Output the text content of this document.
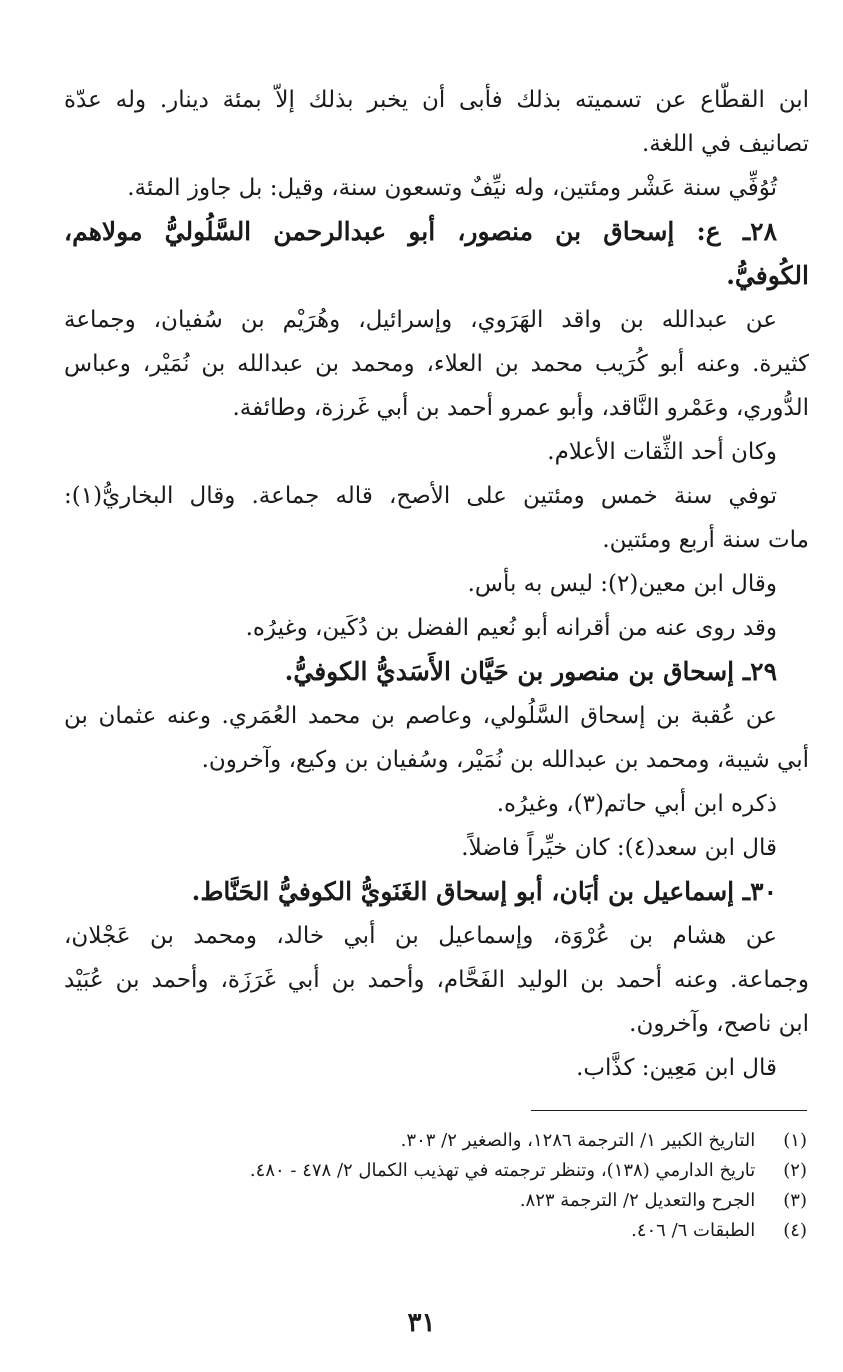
ابن القطّاع عن تسميته بذلك فأبى أن يخبر بذلك إلاّ بمئة دينار. وله عدّة
تصانيف في اللغة.
تُوُفِّي سنة عَشْر ومئتين، وله نيِّفٌ وتسعون سنة، وقيل: بل جاوز المئة.
٢٨ـ ع: إسحاق بن منصور، أبو عبدالرحمن السَّلُوليُّ مولاهم،
الكُوفيُّ.
عن عبدالله بن واقد الهَرَوي، وإسرائيل، وهُرَيْم بن سُفيان، وجماعة
كثيرة. وعنه أبو كُرَيب محمد بن العلاء، ومحمد بن عبدالله بن نُمَيْر، وعباس
الدُّوري، وعَمْرو النَّاقد، وأبو عمرو أحمد بن أبي غَرزة، وطائفة.
وكان أحد الثِّقات الأعلام.
توفي سنة خمس ومئتين على الأصح، قاله جماعة. وقال البخاريُّ(١):
مات سنة أربع ومئتين.
وقال ابن معين(٢): ليس به بأس.
وقد روى عنه من أقرانه أبو نُعيم الفضل بن دُكَين، وغيرُه.
٢٩ـ إسحاق بن منصور بن حَيَّان الأَسَديُّ الكوفيُّ.
عن عُقبة بن إسحاق السَّلُولي، وعاصم بن محمد العُمَري. وعنه عثمان بن
أبي شيبة، ومحمد بن عبدالله بن نُمَيْر، وسُفيان بن وكيع، وآخرون.
ذكره ابن أبي حاتم(٣)، وغيرُه.
قال ابن سعد(٤): كان خيِّراً فاضلاً.
٣٠ـ إسماعيل بن أبَان، أبو إسحاق الغَنَويُّ الكوفيُّ الحَنَّاط.
عن هشام بن عُرْوَة، وإسماعيل بن أبي خالد، ومحمد بن عَجْلان،
وجماعة. وعنه أحمد بن الوليد الفَحَّام، وأحمد بن أبي غَرَزَة، وأحمد بن عُبَيْد
ابن ناصح، وآخرون.
قال ابن مَعِين: كذَّاب.
(١) التاريخ الكبير ١/ الترجمة ١٢٨٦، والصغير ٢/ ٣٠٣.
(٢) تاريخ الدارمي (١٣٨)، وتنظر ترجمته في تهذيب الكمال ٢/ ٤٧٨ - ٤٨٠.
(٣) الجرح والتعديل ٢/ الترجمة ٨٢٣.
(٤) الطبقات ٦/ ٤٠٦.
٣١
